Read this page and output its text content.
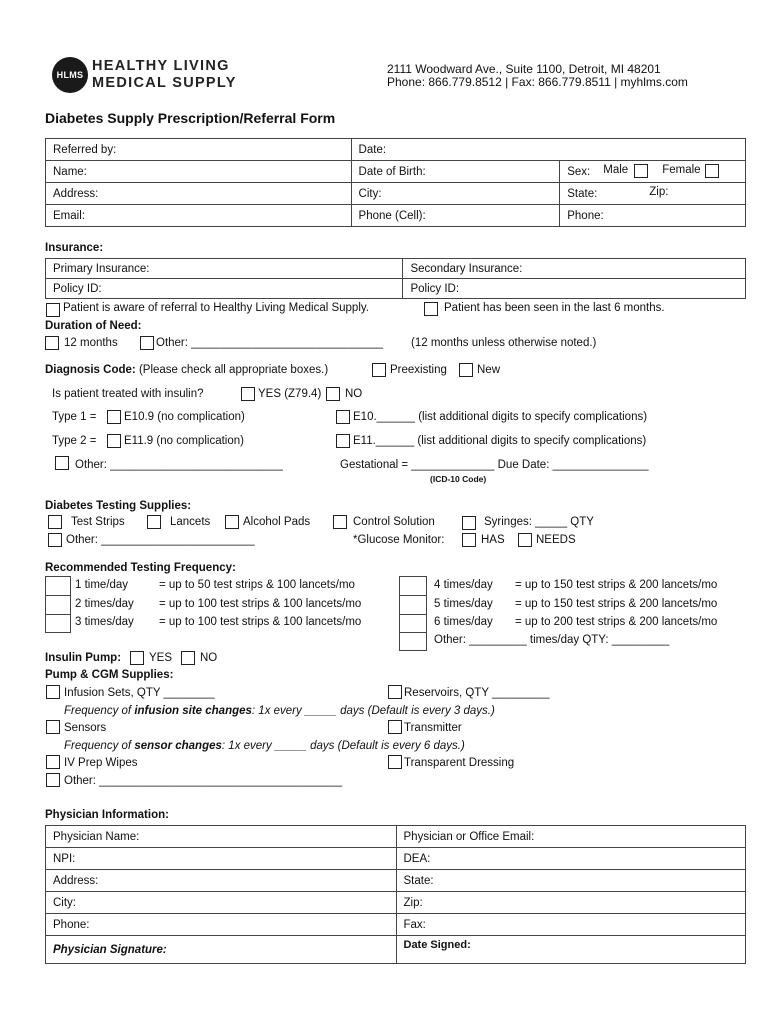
HLMS
HEALTHY LIVING
MEDICAL SUPPLY
2111 Woodward Ave., Suite 1100, Detroit, MI 48201
Phone: 866.779.8512 | Fax: 866.779.8511 | myhlms.com
Diabetes Supply Prescription/Referral Form
Referred by:	Date:	
Name:	Date of Birth:	Sex: Male Female

Address:	City:	State: Zip:

Email:	Phone (Cell):	Phone:
Insurance:
Primary Insurance:	Secondary Insurance:
Policy ID:	Policy ID:
Patient is aware of referral to Healthy Living Medical Supply.	Patient has been seen in the last 6 months.
Duration of Need:
12 months	Other: ______________________________ (12 months unless otherwise noted.)
Diagnosis Code: (Please check all appropriate boxes.)	Preexisting	New
Is patient treated with insulin?	YES (Z79.4) NO
Type 1 = E10.9 (no complication)	E10.______ (list additional digits to specify complications)
Type 2 = E11.9 (no complication)	E11.______ (list additional digits to specify complications)
Other: ___________________________	Gestational = _____________ Due Date: _______________
(ICD-10 Code)
Diabetes Testing Supplies:
Test Strips	Lancets	Alcohol Pads	Control Solution	Syringes: _____ QTY
Other: ________________________	*Glucose Monitor:	HAS	NEEDS
Recommended Testing Frequency:
1 time/day	= up to 50 test strips & 100 lancets/mo
2 times/day = up to 100 test strips & 100 lancets/mo
3 times/day = up to 100 test strips & 100 lancets/mo
4 times/day = up to 150 test strips & 200 lancets/mo
5 times/day = up to 150 test strips & 200 lancets/mo
6 times/day = up to 200 test strips & 200 lancets/mo
Other: _________ times/day QTY: _________
Insulin Pump: YES NO
Pump & CGM Supplies:
Infusion Sets, QTY ________	Reservoirs, QTY _________
Frequency of infusion site changes: 1x every _____ days (Default is every 3 days.)
Sensors	Transmitter
Frequency of sensor changes: 1x every _____ days (Default is every 6 days.)
IV Prep Wipes	Transparent Dressing
Other: ______________________________________
Physician Information:
Physician Name:	Physician or Office Email:
NPI:	DEA:
Address:	State:
City:	Zip:
Phone:	Fax:
Physician Signature:	Date Signed:
